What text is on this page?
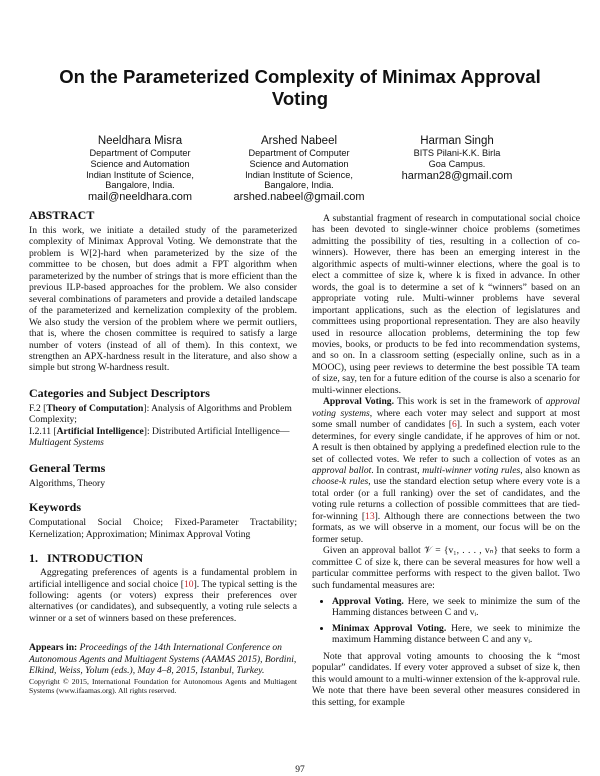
On the Parameterized Complexity of Minimax Approval Voting
Neeldhara Misra
Department of Computer
Science and Automation
Indian Institute of Science,
Bangalore, India.
mail@neeldhara.com
Arshed Nabeel
Department of Computer
Science and Automation
Indian Institute of Science,
Bangalore, India.
arshed.nabeel@gmail.com
Harman Singh
BITS Pilani-K.K. Birla
Goa Campus.
harman28@gmail.com
ABSTRACT

In this work, we initiate a detailed study of the parameterized complexity of Minimax Approval Voting. We demonstrate that the problem is W[2]-hard when parameterized by the size of the committee to be chosen, but does admit a FPT algorithm when parameterized by the number of strings that is more efficient than the previous ILP-based approaches for the problem. We also consider several combinations of parameters and provide a detailed landscape of the parameterized and kernelization complexity of the problem. We also study the version of the problem where we permit outliers, that is, where the chosen committee is required to satisfy a large number of voters (instead of all of them). In this context, we strengthen an APX-hardness result in the literature, and also show a simple but strong W-hardness result.

Categories and Subject Descriptors

F.2 [Theory of Computation]: Analysis of Algorithms and Problem Complexity;

I.2.11 [Artificial Intelligence]: Distributed Artificial Intelligence—Multiagent Systems

General Terms

Algorithms, Theory

Keywords

Computational Social Choice; Fixed-Parameter Tractability; Kernelization; Approximation; Minimax Approval Voting

1.   INTRODUCTION

Aggregating preferences of agents is a fundamental problem in artificial intelligence and social choice [10]. The typical setting is the following: agents (or voters) express their preferences over alternatives (or candidates), and subsequently, a voting rule selects a winner or a set of winners based on these preferences.

Appears in: Proceedings of the 14th International Conference on Autonomous Agents and Multiagent Systems (AAMAS 2015), Bordini, Elkind, Weiss, Yolum (eds.), May 4–8, 2015, Istanbul, Turkey.

Copyright © 2015, International Foundation for Autonomous Agents and Multiagent Systems (www.ifaamas.org). All rights reserved.

A substantial fragment of research in computational social choice has been devoted to single-winner choice problems (sometimes admitting the possibility of ties, resulting in a collection of co-winners). However, there has been an emerging interest in the algorithmic aspects of multi-winner elections, where the goal is to elect a committee of size k, where k is fixed in advance. In other words, the goal is to determine a set of k “winners” based on an appropriate voting rule. Multi-winner problems have several important applications, such as the election of legislatures and committees using proportional representation. They are also heavily used in resource allocation problems, determining the top few movies, books, or products to be fed into recommendation systems, and so on. In a classroom setting (especially online, such as in a MOOC), using peer reviews to determine the best possible TA team of size, say, ten for a future edition of the course is also a scenario for multi-winner elections.

Approval Voting. This work is set in the framework of approval voting systems, where each voter may select and support at most some small number of candidates [6]. In such a system, each voter determines, for every single candidate, if he approves of him or not. A result is then obtained by applying a predefined election rule to the set of collected votes. We refer to such a collection of votes as an approval ballot. In contrast, multi-winner voting rules, also known as choose-k rules, use the standard election setup where every vote is a total order (or a full ranking) over the set of candidates, and the voting rule returns a collection of possible committees that are tied-for-winning [13]. Although there are connections between the two formats, as we will observe in a moment, our focus will be on the former setup.

Given an approval ballot 𝒱 = {v₁, . . . , vₙ} that seeks to form a committee C of size k, there can be several measures for how well a particular committee performs with respect to the given ballot. Two such fundamental measures are:

• Approval Voting. Here, we seek to minimize the sum of the Hamming distances between C and vᵢ.
• Minimax Approval Voting. Here, we seek to minimize the maximum Hamming distance between C and any vᵢ.

Note that approval voting amounts to choosing the k “most popular” candidates. If every voter approved a subset of size k, then this would amount to a multi-winner extension of the k-approval rule. We note that there have been several other measures considered in this setting, for example

97
